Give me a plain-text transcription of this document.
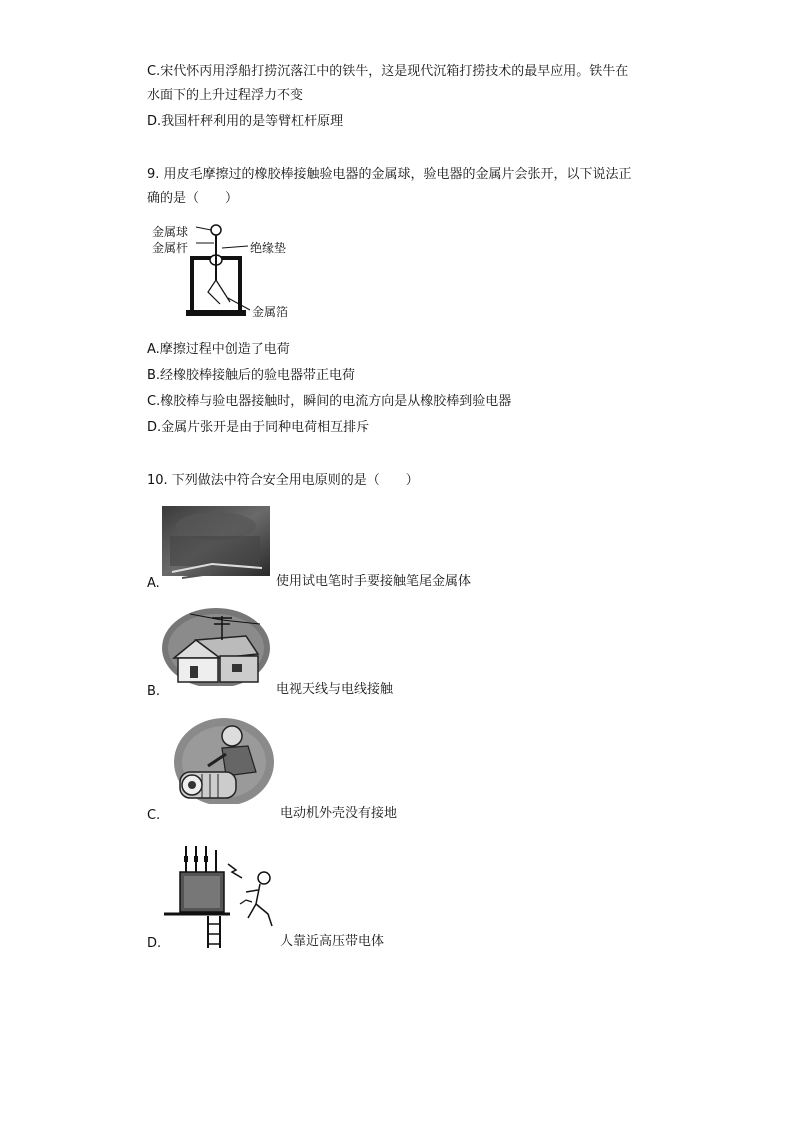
C.宋代怀丙用浮船打捞沉落江中的铁牛，这是现代沉箱打捞技术的最早应用。铁牛在
水面下的上升过程浮力不变
D.我国杆秤利用的是等臂杠杆原理
9. 用皮毛摩擦过的橡胶棒接触验电器的金属球，验电器的金属片会张开，以下说法正
确的是（　　）
金属球
金属杆	绝缘垫
金属箔
A.摩擦过程中创造了电荷
B.经橡胶棒接触后的验电器带正电荷
C.橡胶棒与验电器接触时，瞬间的电流方向是从橡胶棒到验电器
D.金属片张开是由于同种电荷相互排斥
10. 下列做法中符合安全用电原则的是（　　）
A.	使用试电笔时手要接触笔尾金属体
B.	电视天线与电线接触
C.	电动机外壳没有接地
D.	人靠近高压带电体
